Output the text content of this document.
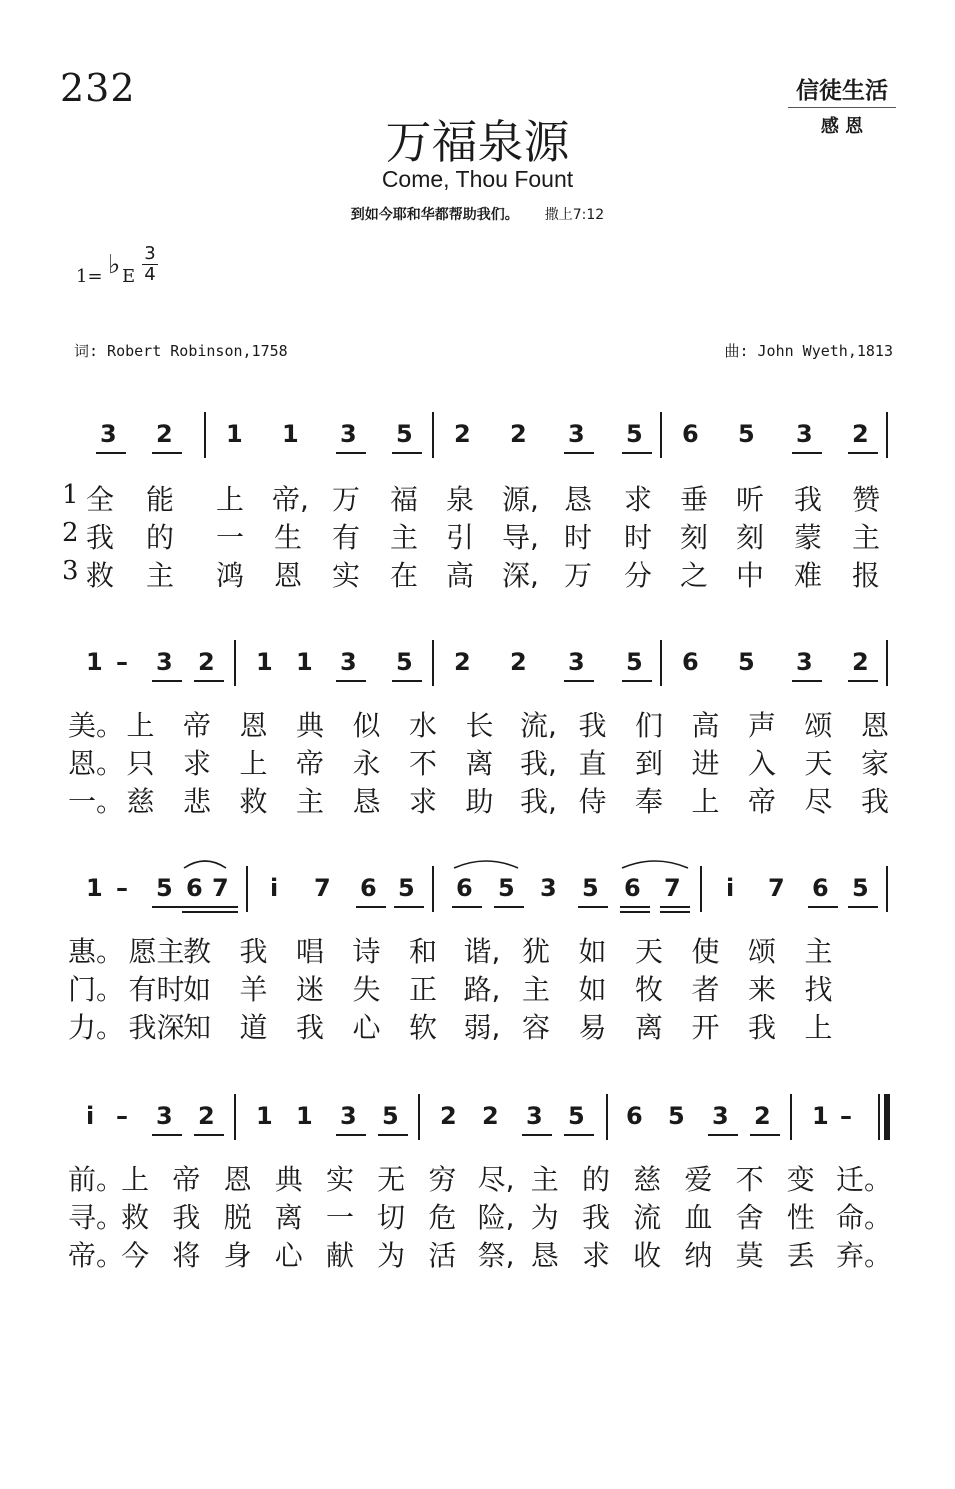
232	信徒生活
感 恩
万福泉源
Come, Thou Fount
到如今耶和华都帮助我们。 撒上7:12
1= ♭ E
3
4
词: Robert Robinson,1758	曲: John Wyeth,1813
3 2 1 1 3 5 2 2 3 5 6 5 3 2
1 全 能 上 帝, 万 福 泉 源, 恳 求 垂 听 我 赞
2 我 的 一 生 有 主 引 导, 时 时 刻 刻 蒙 主
3 救 主 鸿 恩 实 在 高 深, 万 分 之 中 难 报
1 – 3 2 1 1 3 5 2 2 3 5 6 5 3 2
美。 上 帝 恩 典 似 水 长 流, 我 们 高 声 颂 恩
恩。 只 求 上 帝 永 不 离 我, 直 到 进 入 天 家
一。 慈 悲 救 主 恳 求 助 我, 侍 奉 上 帝 尽 我
1 – 5 6 7 i̇ 7 6 5 6 5 3 5 6 7 i̇ 7 6 5
惠。 愿主
教 我 唱 诗 和 谐, 犹 如 天 使 颂 主
门。 有时
如 羊 迷 失 正 路, 主 如 牧 者 来 找
力。 我深
知 道 我 心 软 弱, 容 易 离 开 我 上
i̇ – 3 2 1 1 3 5 2 2 3 5 6 5 3 2 1 –
前。
上 帝 恩 典 实 无 穷 尽, 主 的 慈 爱 不 变 迁。
寻。
救 我 脱 离 一 切 危 险, 为 我 流 血 舍 性 命。
帝。
今 将 身 心 献 为 活 祭, 恳 求 收 纳 莫 丢 弃。
